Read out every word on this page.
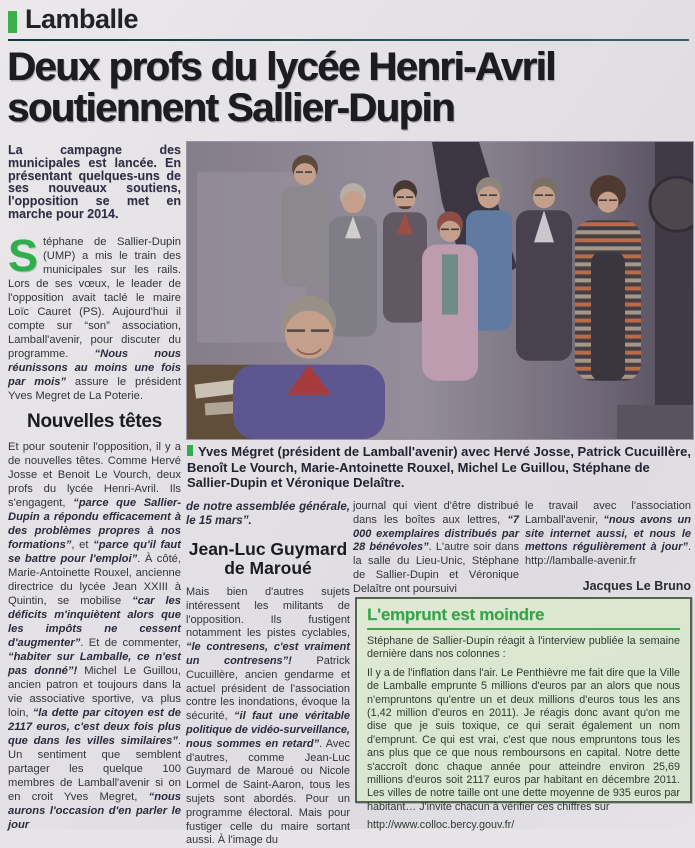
Lamballe
Deux profs du lycée Henri-Avril
soutiennent Sallier-Dupin

La campagne des municipales est lancée. En présentant quelques-uns de ses nouveaux soutiens, l'opposition se met en marche pour 2014.

Stéphane de Sallier-Dupin (UMP) a mis le train des municipales sur les rails. Lors de ses vœux, le leader de l'opposition avait taclé le maire Loïc Cauret (PS). Aujourd'hui il compte sur “son” association, Lamball'avenir, pour discuter du programme. “Nous nous réunissons au moins une fois par mois” assure le président Yves Megret de La Poterie.

Nouvelles têtes

Et pour soutenir l'opposition, il y a de nouvelles têtes. Comme Hervé Josse et Benoit Le Vourch, deux profs du lycée Henri-Avril. Ils s'engagent, “parce que Sallier-Dupin a répondu efficacement à des problèmes propres à nos formations”, et “parce qu'il faut se battre pour l'emploi”. À côté, Marie-Antoinette Rouxel, ancienne directrice du lycée Jean XXIII à Quintin, se mobilise “car les déficits m'inquiètent alors que les impôts ne cessent d'augmenter”. Et de commenter, “habiter sur Lamballe, ce n'est pas donné”! Michel Le Guillou, ancien patron et toujours dans la vie associative sportive, va plus loin, “la dette par citoyen est de 2117 euros, c'est deux fois plus que dans les villes similaires”. Un sentiment que semblent partager les quelque 100 membres de Lamball'avenir si on en croit Yves Megret, “nous aurons l'occasion d'en parler le jour

Yves Mégret (président de Lamball'avenir) avec Hervé Josse, Patrick Cucuillère, Benoît Le Vourch, Marie-Antoinette Rouxel, Michel Le Guillou, Stéphane de Sallier-Dupin et Véronique Delaître.

de notre assemblée générale, le 15 mars”.

Jean-Luc Guymard
de Maroué

Mais bien d'autres sujets intéressent les militants de l'opposition. Ils fustigent notamment les pistes cyclables, “le contresens, c'est vraiment un contresens”! Patrick Cucuillère, ancien gendarme et actuel président de l'association contre les inondations, évoque la sécurité, “il faut une véritable politique de vidéo-surveillance, nous sommes en retard”. Avec d'autres, comme Jean-Luc Guymard de Maroué ou Nicole Lormel de Saint-Aaron, tous les sujets sont abordés. Pour un programme électoral. Mais pour fustiger celle du maire sortant aussi. À l'image du

journal qui vient d'être distribué dans les boîtes aux lettres, “7 000 exemplaires distribués par 28 bénévoles”. L'autre soir dans la salle du Lieu-Unic, Stéphane de Sallier-Dupin et Véronique Delaître ont poursuivi

le travail avec l'association Lamball'avenir, “nous avons un site internet aussi, et nous le mettons régulièrement à jour”. http://lamballe-avenir.fr

Jacques Le Bruno
L'emprunt est moindre

Stéphane de Sallier-Dupin réagit à l'interview publiée la semaine dernière dans nos colonnes :

Il y a de l'inflation dans l'air. Le Penthièvre me fait dire que la Ville de Lamballe emprunte 5 millions d'euros par an alors que nous n'empruntons qu'entre un et deux millions d'euros tous les ans (1,42 million d'euros en 2011). Je réagis donc avant qu'on me dise que je suis toxique, ce qui serait également un nom d'emprunt. Ce qui est vrai, c'est que nous empruntons tous les ans plus que ce que nous remboursons en capital. Notre dette s'accroît donc chaque année pour atteindre environ 25,69 millions d'euros soit 2117 euros par habitant en décembre 2011. Les villes de notre taille ont une dette moyenne de 935 euros par habitant… J'invite chacun à vérifier ces chiffres sur

http://www.colloc.bercy.gouv.fr/
